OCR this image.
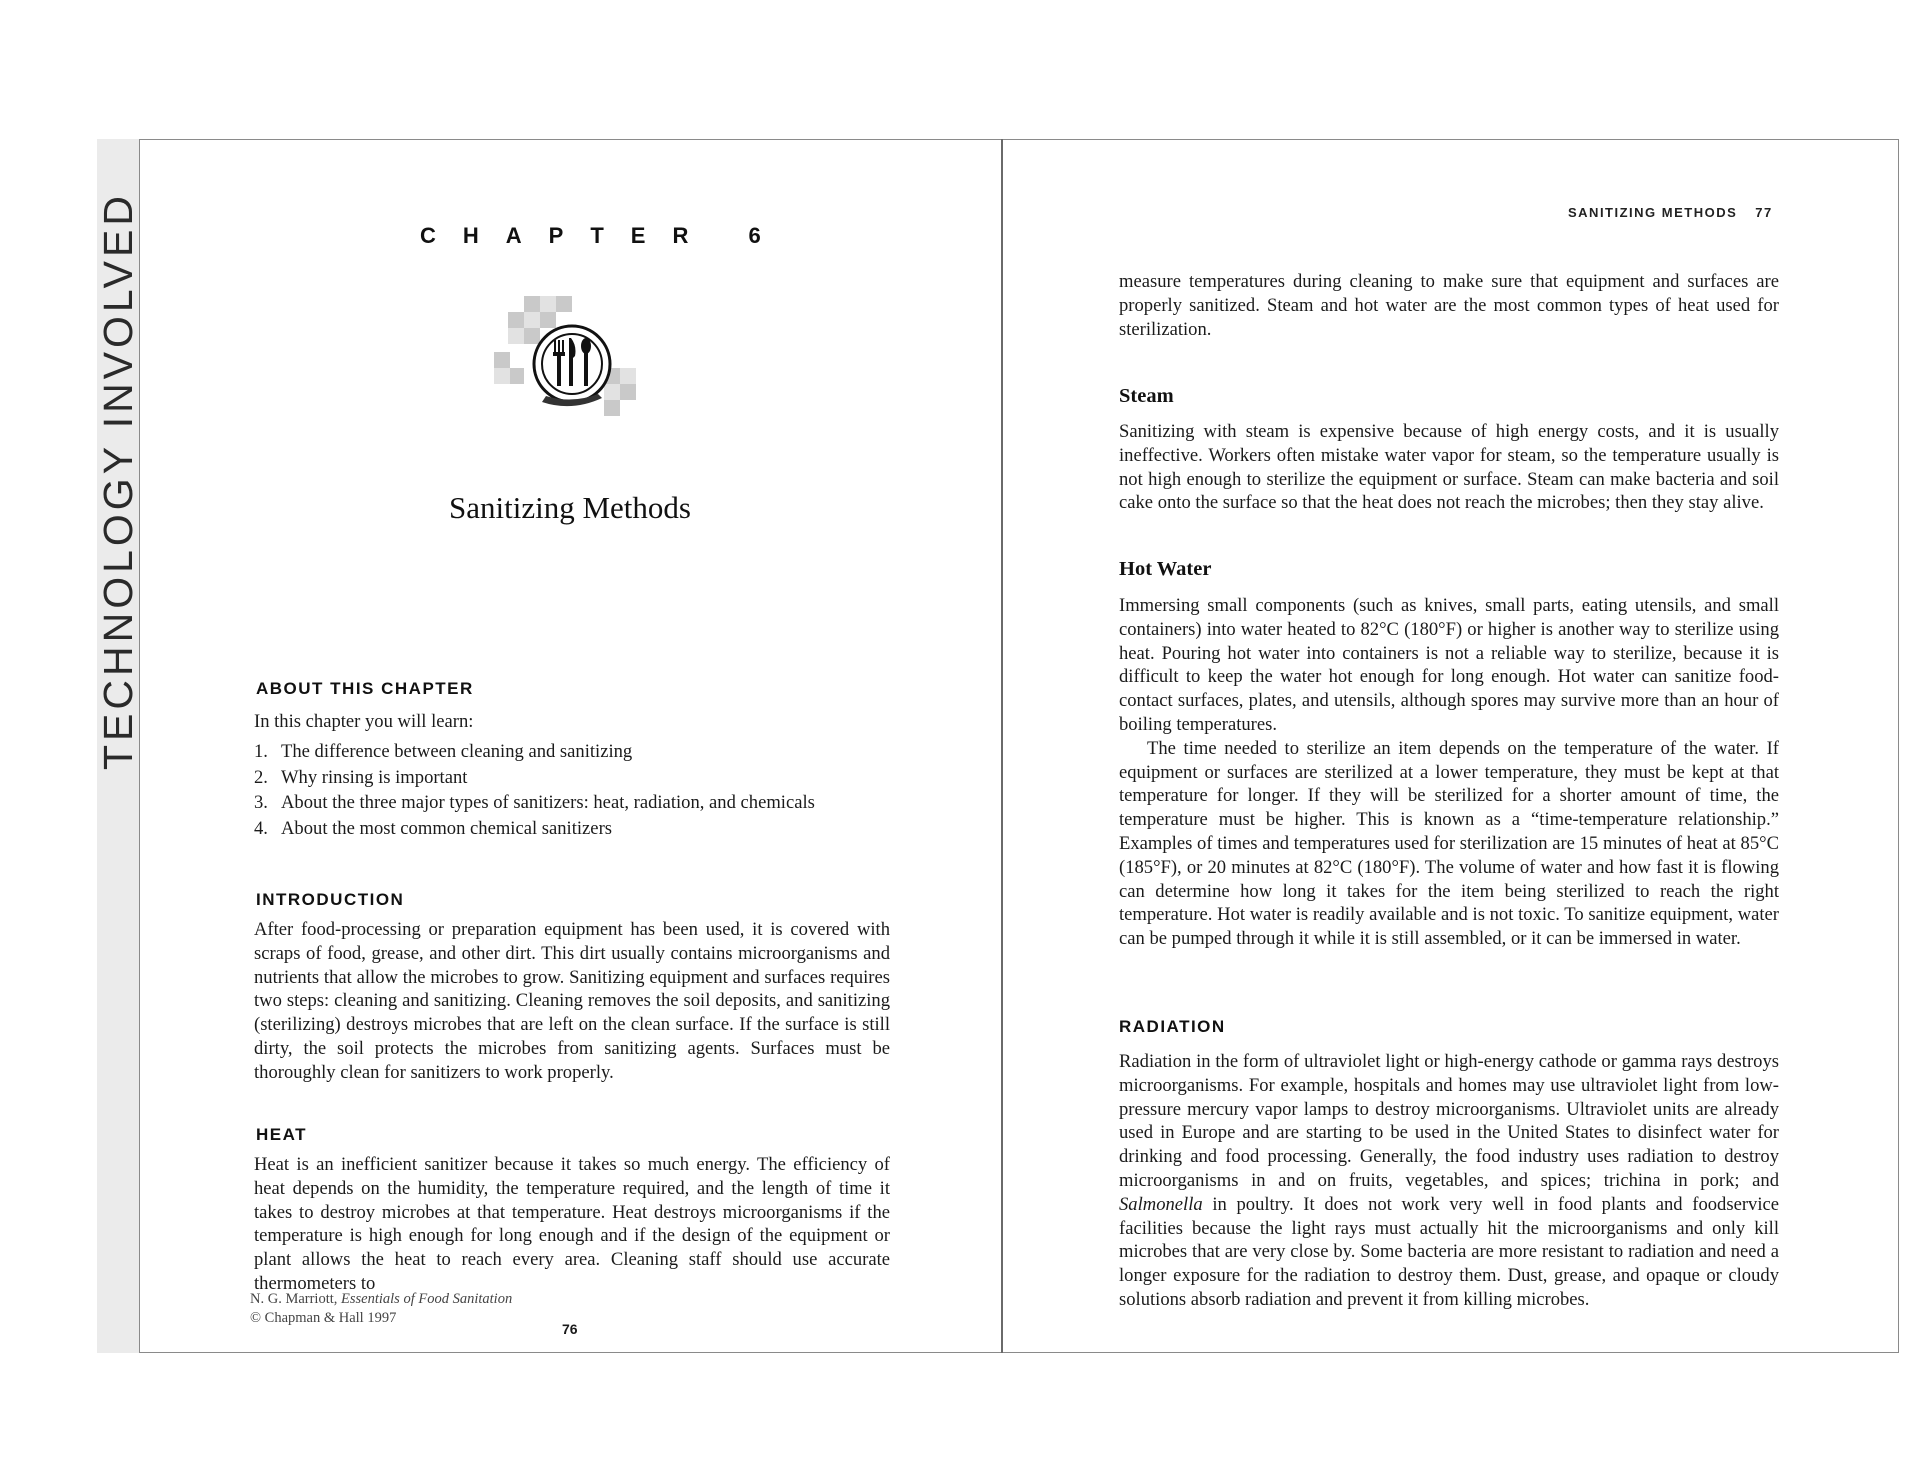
TECHNOLOGY INVOLVED	CHAPTER 6
Sanitizing Methods
ABOUT THIS CHAPTER
In this chapter you will learn:
1. The difference between cleaning and sanitizing
2. Why rinsing is important
3. About the three major types of sanitizers: heat, radiation, and chemicals
4. About the most common chemical sanitizers
INTRODUCTION
After food-processing or preparation equipment has been used, it is covered with scraps of food, grease, and other dirt. This dirt usually contains microorganisms and nutrients that allow the microbes to grow. Sanitizing equipment and surfaces requires two steps: cleaning and sanitizing. Cleaning removes the soil deposits, and sanitizing (sterilizing) destroys microbes that are left on the clean surface. If the surface is still dirty, the soil protects the microbes from sanitizing agents. Surfaces must be thoroughly clean for sanitizers to work properly.
HEAT
Heat is an inefficient sanitizer because it takes so much energy. The efficiency of heat depends on the humidity, the temperature required, and the length of time it takes to destroy microbes at that temperature. Heat destroys microorganisms if the temperature is high enough for long enough and if the design of the equipment or plant allows the heat to reach every area. Cleaning staff should use accurate thermometers to
N. G. Marriott, Essentials of Food Sanitation
© Chapman & Hall 1997
76
SANITIZING METHODS 77
measure temperatures during cleaning to make sure that equipment and surfaces are properly sanitized. Steam and hot water are the most common types of heat used for sterilization.
Steam
Sanitizing with steam is expensive because of high energy costs, and it is usually ineffective. Workers often mistake water vapor for steam, so the temperature usually is not high enough to sterilize the equipment or surface. Steam can make bacteria and soil cake onto the surface so that the heat does not reach the microbes; then they stay alive.
Hot Water
Immersing small components (such as knives, small parts, eating utensils, and small containers) into water heated to 82°C (180°F) or higher is another way to sterilize using heat. Pouring hot water into containers is not a reliable way to sterilize, because it is difficult to keep the water hot enough for long enough. Hot water can sanitize food-contact surfaces, plates, and utensils, although spores may survive more than an hour of boiling temperatures.
The time needed to sterilize an item depends on the temperature of the water. If equipment or surfaces are sterilized at a lower temperature, they must be kept at that temperature for longer. If they will be sterilized for a shorter amount of time, the temperature must be higher. This is known as a “time-temperature relationship.” Examples of times and temperatures used for sterilization are 15 minutes of heat at 85°C (185°F), or 20 minutes at 82°C (180°F). The volume of water and how fast it is flowing can determine how long it takes for the item being sterilized to reach the right temperature. Hot water is readily available and is not toxic. To sanitize equipment, water can be pumped through it while it is still assembled, or it can be immersed in water.
RADIATION
Radiation in the form of ultraviolet light or high-energy cathode or gamma rays destroys microorganisms. For example, hospitals and homes may use ultraviolet light from low-pressure mercury vapor lamps to destroy microorganisms. Ultraviolet units are already used in Europe and are starting to be used in the United States to disinfect water for drinking and food processing. Generally, the food industry uses radiation to destroy microorganisms in and on fruits, vegetables, and spices; trichina in pork; and Salmonella in poultry. It does not work very well in food plants and foodservice facilities because the light rays must actually hit the microorganisms and only kill microbes that are very close by. Some bacteria are more resistant to radiation and need a longer exposure for the radiation to destroy them. Dust, grease, and opaque or cloudy solutions absorb radiation and prevent it from killing microbes.
